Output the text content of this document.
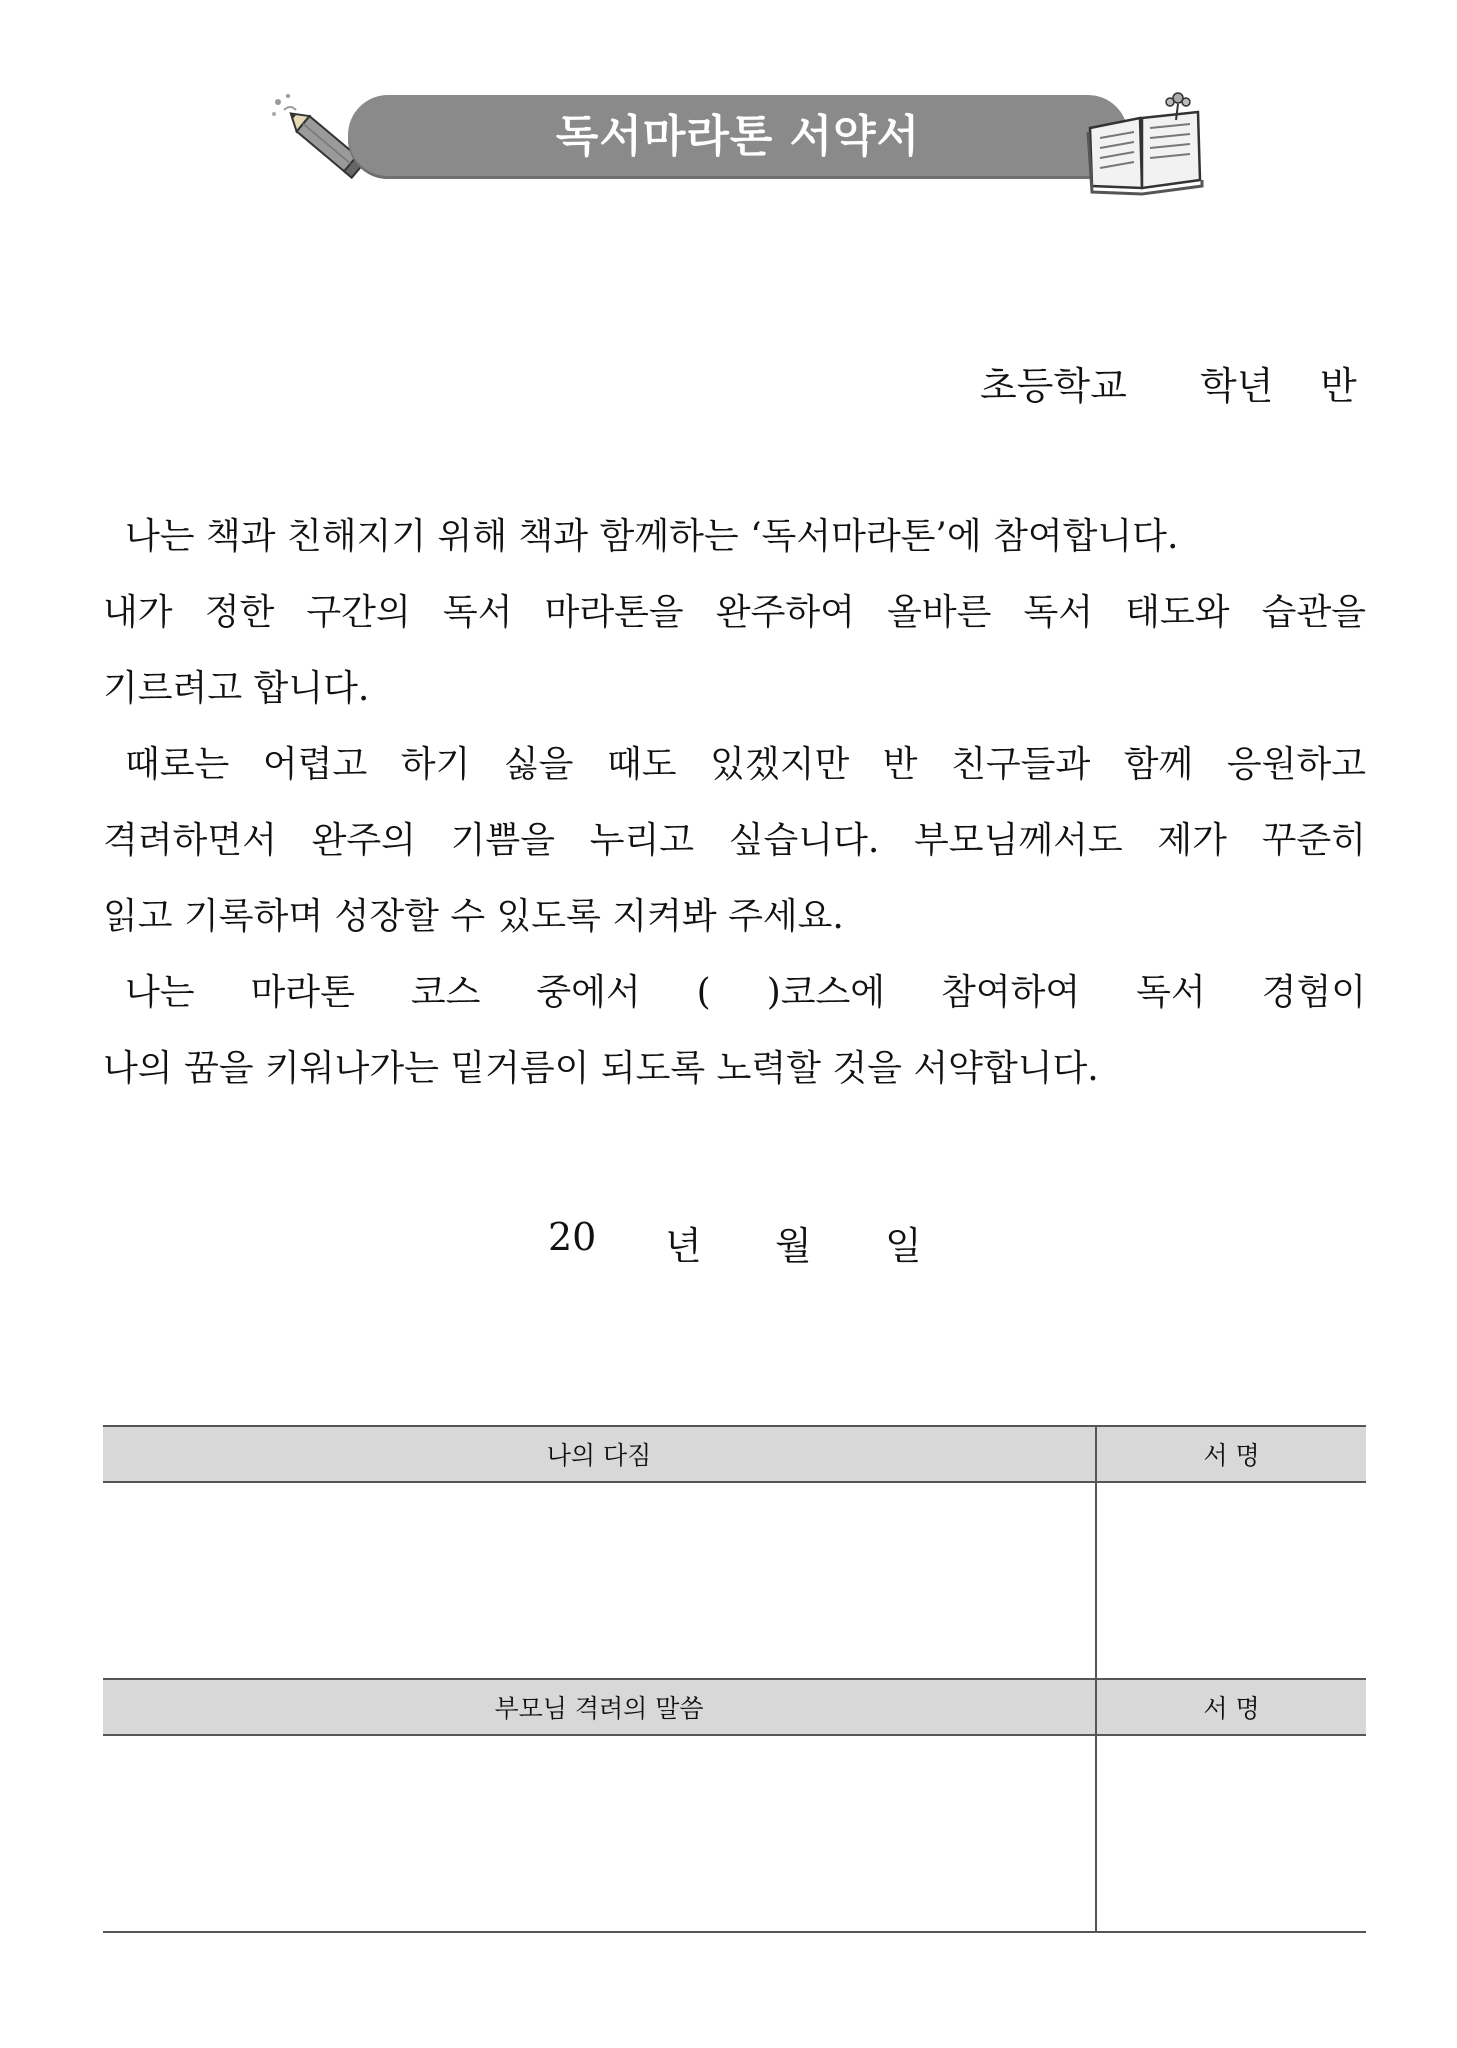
독서마라톤 서약서
초등학교 학년 반
나는 책과 친해지기 위해 책과 함께하는 ‘독서마라톤’에 참여합니다.
내가 정한 구간의 독서 마라톤을 완주하여 올바른 독서 태도와 습관을
기르려고 합니다.
때로는 어렵고 하기 싫을 때도 있겠지만 반 친구들과 함께 응원하고
격려하면서 완주의 기쁨을 누리고 싶습니다. 부모님께서도 제가 꾸준히
읽고 기록하며 성장할 수 있도록 지켜봐 주세요.
나는 마라톤 코스 중에서 ( )코스에 참여하여 독서 경험이
나의 꿈을 키워나가는 밑거름이 되도록 노력할 것을 서약합니다.
20 년 월 일
나의 다짐	서 명

부모님 격려의 말씀	서 명
